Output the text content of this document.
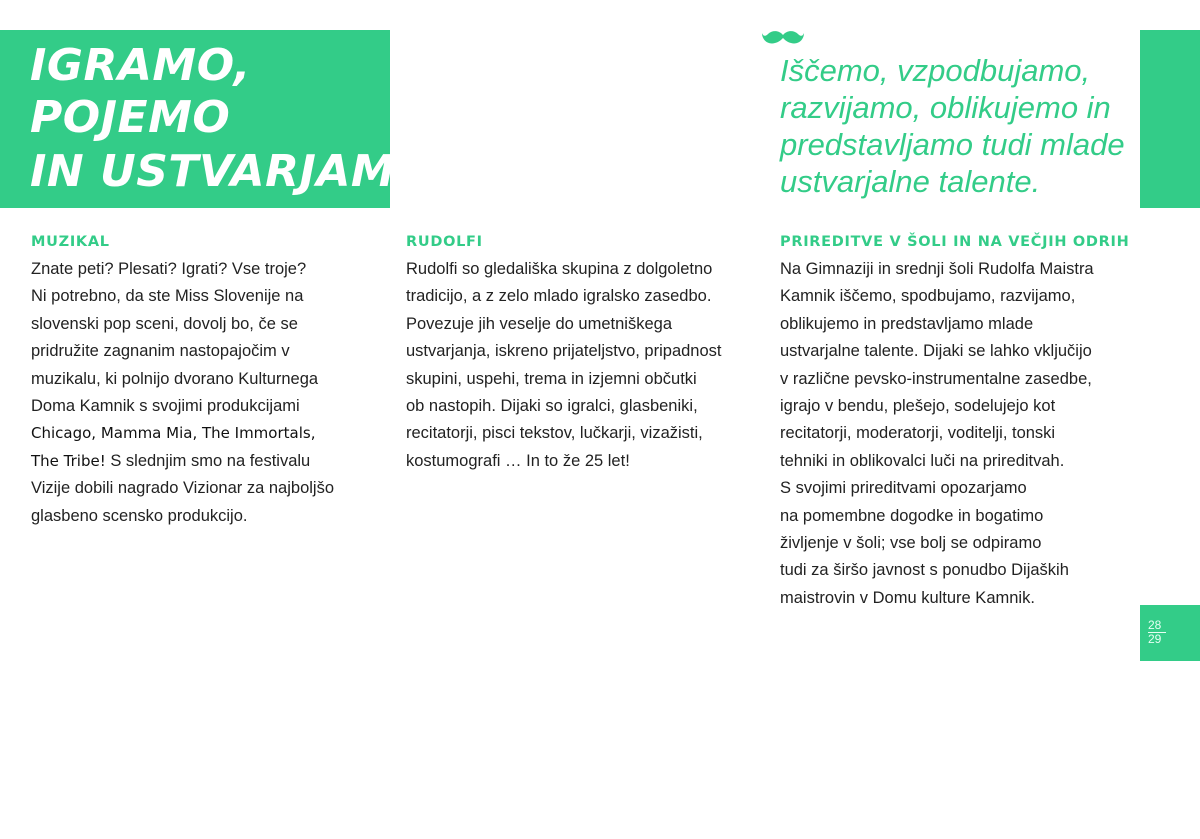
IGRAMO,
POJEMO
IN USTVARJAMO
Iščemo, vzpodbujamo,
razvijamo, oblikujemo in
predstavljamo tudi mlade
ustvarjalne talente.
MUZIKAL
Znate peti? Plesati? Igrati? Vse troje?
Ni potrebno, da ste Miss Slovenije na
slovenski pop sceni, dovolj bo, če se
pridružite zagnanim nastopajočim v
muzikalu, ki polnijo dvorano Kulturnega
Doma Kamnik s svojimi produkcijami
Chicago, Mamma Mia, The Immortals,
The Tribe! S slednjim smo na festivalu
Vizije dobili nagrado Vizionar za najboljšo
glasbeno scensko produkcijo.
RUDOLFI
Rudolfi so gledališka skupina z dolgoletno
tradicijo, a z zelo mlado igralsko zasedbo.
Povezuje jih veselje do umetniškega
ustvarjanja, iskreno prijateljstvo, pripadnost
skupini, uspehi, trema in izjemni občutki
ob nastopih. Dijaki so igralci, glasbeniki,
recitatorji, pisci tekstov, lučkarji, vizažisti,
kostumografi … In to že 25 let!
PRIREDITVE V ŠOLI IN NA VEČJIH ODRIH
Na Gimnaziji in srednji šoli Rudolfa Maistra
Kamnik iščemo, spodbujamo, razvijamo,
oblikujemo in predstavljamo mlade
ustvarjalne talente. Dijaki se lahko vključijo
v različne pevsko-instrumentalne zasedbe,
igrajo v bendu, plešejo, sodelujejo kot
recitatorji, moderatorji, voditelji, tonski
tehniki in oblikovalci luči na prireditvah.
S svojimi prireditvami opozarjamo
na pomembne dogodke in bogatimo
življenje v šoli; vse bolj se odpiramo
tudi za širšo javnost s ponudbo Dijaških
maistrovin v Domu kulture Kamnik.
28
29
